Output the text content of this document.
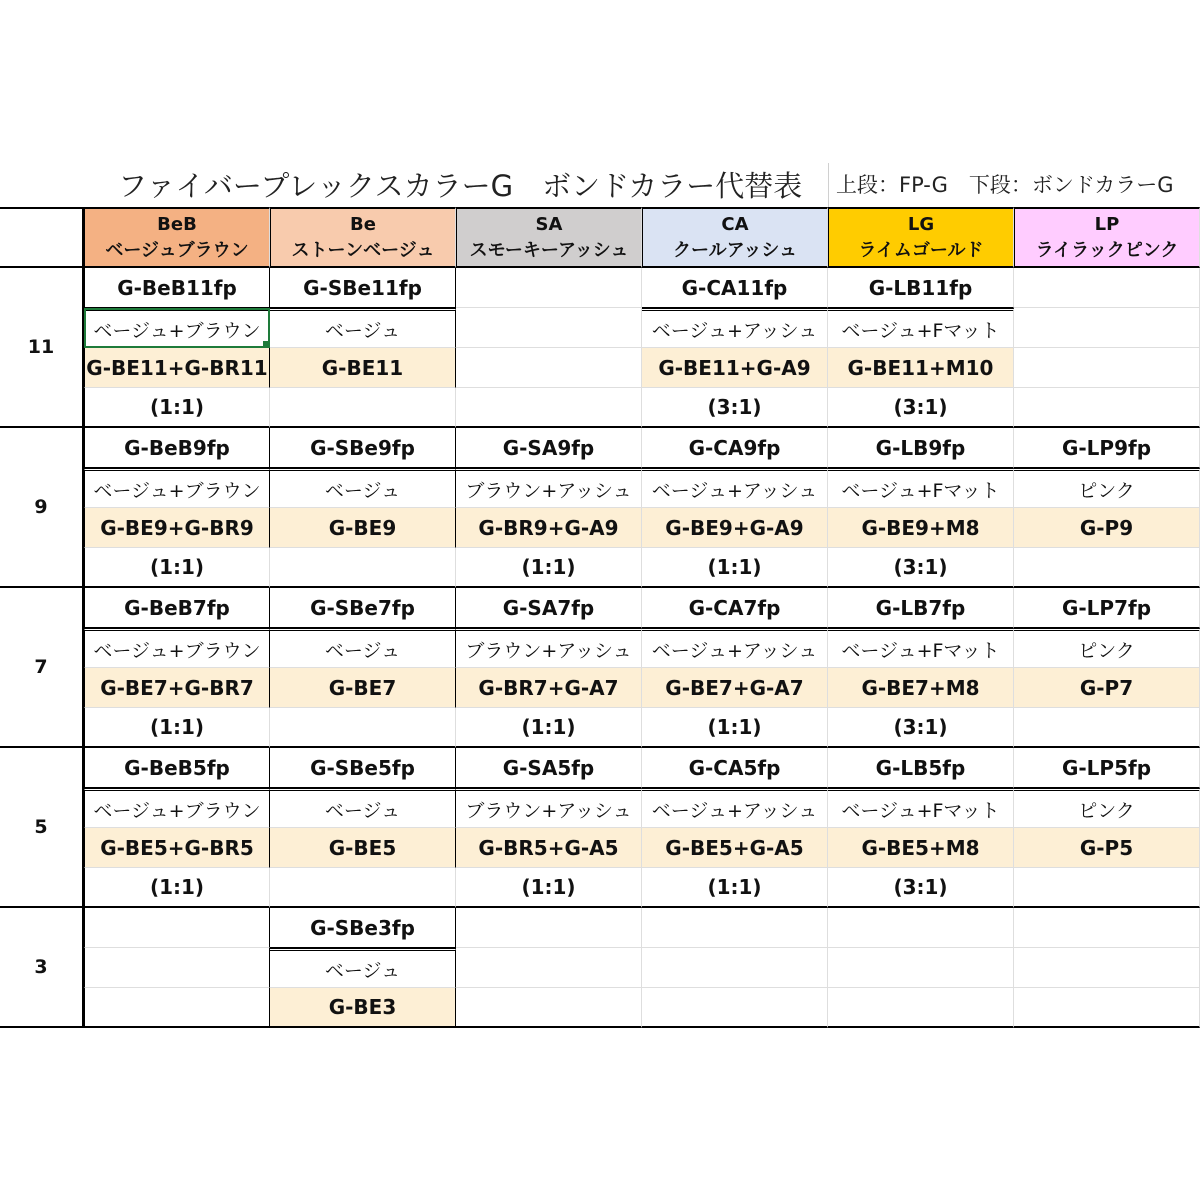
ファイバープレックスカラーG　ボンドカラー代替表	上段：FP-G　下段：ボンドカラーG
BeB
ベージュブラウン
Be
ストーンベージュ
SA
スモーキーアッシュ
CA
クールアッシュ
LG
ライムゴールド
LP
ライラックピンク
11
G-BeB11fp
ベージュ+ブラウン
G-BE11+G-BR11
(1:1)
G-SBe11fp
ベージュ
G-BE11
G-CA11fp
ベージュ+アッシュ
G-BE11+G-A9
(3:1)
G-LB11fp
ベージュ+Fマット
G-BE11+M10
(3:1)
9
G-BeB9fp
ベージュ+ブラウン
G-BE9+G-BR9
(1:1)
G-SBe9fp
ベージュ
G-BE9
G-SA9fp
ブラウン+アッシュ
G-BR9+G-A9
(1:1)
G-CA9fp
ベージュ+アッシュ
G-BE9+G-A9
(1:1)
G-LB9fp
ベージュ+Fマット
G-BE9+M8
(3:1)
G-LP9fp
ピンク
G-P9
7
G-BeB7fp
ベージュ+ブラウン
G-BE7+G-BR7
(1:1)
G-SBe7fp
ベージュ
G-BE7
G-SA7fp
ブラウン+アッシュ
G-BR7+G-A7
(1:1)
G-CA7fp
ベージュ+アッシュ
G-BE7+G-A7
(1:1)
G-LB7fp
ベージュ+Fマット
G-BE7+M8
(3:1)
G-LP7fp
ピンク
G-P7
5
G-BeB5fp
ベージュ+ブラウン
G-BE5+G-BR5
(1:1)
G-SBe5fp
ベージュ
G-BE5
G-SA5fp
ブラウン+アッシュ
G-BR5+G-A5
(1:1)
G-CA5fp
ベージュ+アッシュ
G-BE5+G-A5
(1:1)
G-LB5fp
ベージュ+Fマット
G-BE5+M8
(3:1)
G-LP5fp
ピンク
G-P5
3
G-SBe3fp
ベージュ
G-BE3
